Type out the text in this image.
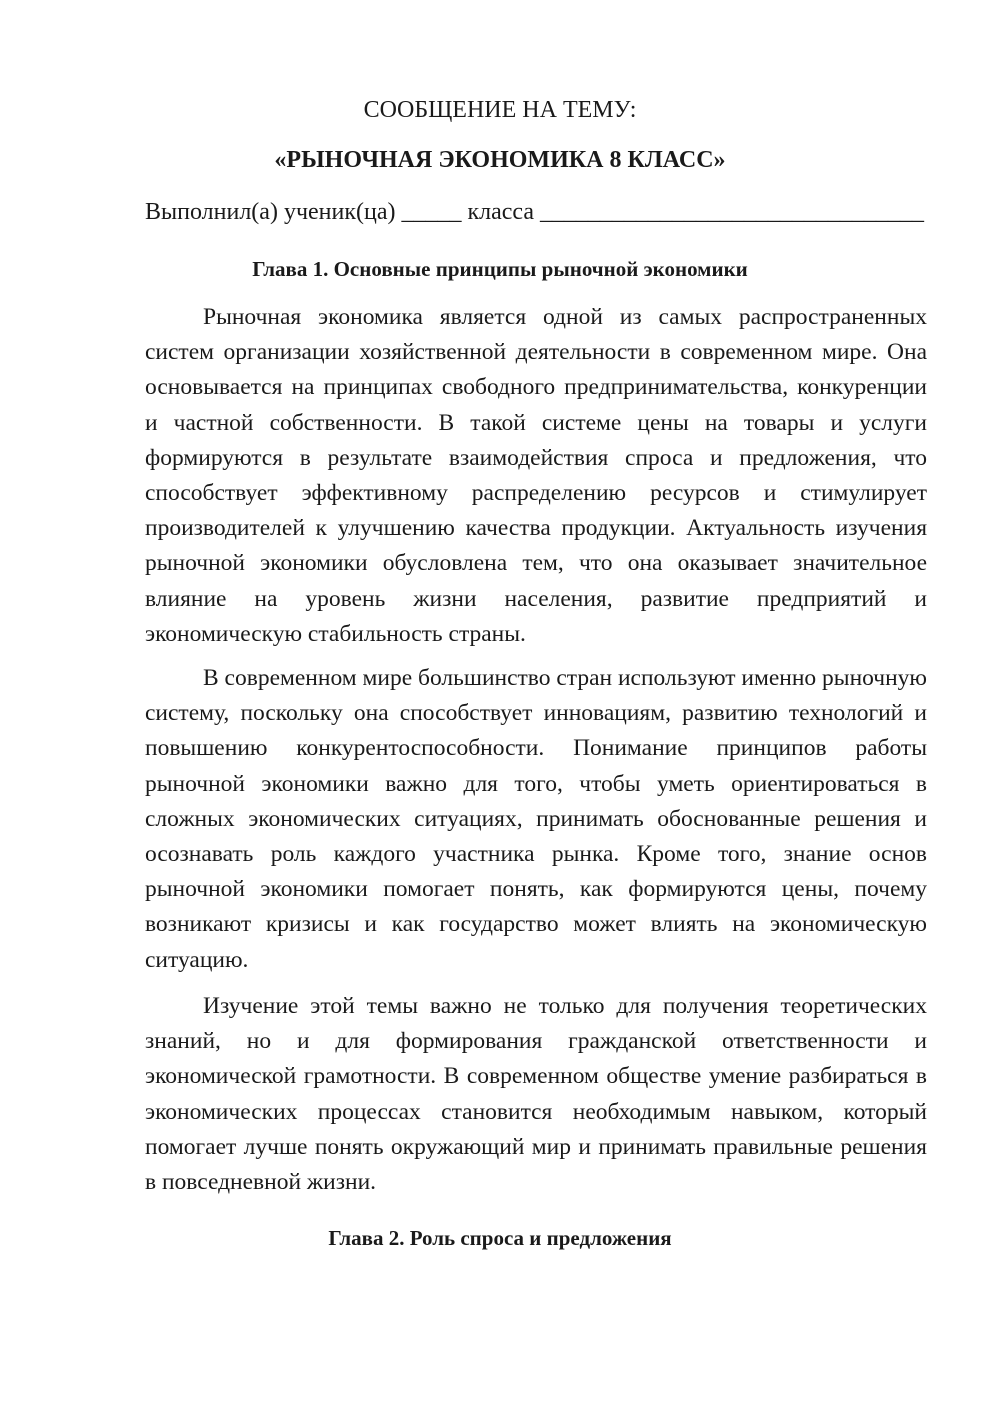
СООБЩЕНИЕ НА ТЕМУ:

«РЫНОЧНАЯ ЭКОНОМИКА 8 КЛАСС»

Выполнил(а) ученик(ца) _____ класса ________________________________
Глава 1. Основные принципы рыночной экономики

Рыночная экономика является одной из самых распространенных систем организации хозяйственной деятельности в современном мире. Она основывается на принципах свободного предпринимательства, конкуренции и частной собственности. В такой системе цены на товары и услуги формируются в результате взаимодействия спроса и предложения, что способствует эффективному распределению ресурсов и стимулирует производителей к улучшению качества продукции. Актуальность изучения рыночной экономики обусловлена тем, что она оказывает значительное влияние на уровень жизни населения, развитие предприятий и экономическую стабильность страны.

В современном мире большинство стран используют именно рыночную систему, поскольку она способствует инновациям, развитию технологий и повышению конкурентоспособности. Понимание принципов работы рыночной экономики важно для того, чтобы уметь ориентироваться в сложных экономических ситуациях, принимать обоснованные решения и осознавать роль каждого участника рынка. Кроме того, знание основ рыночной экономики помогает понять, как формируются цены, почему возникают кризисы и как государство может влиять на экономическую ситуацию.

Изучение этой темы важно не только для получения теоретических знаний, но и для формирования гражданской ответственности и экономической грамотности. В современном обществе умение разбираться в экономических процессах становится необходимым навыком, который помогает лучше понять окружающий мир и принимать правильные решения в повседневной жизни.

Глава 2. Роль спроса и предложения
